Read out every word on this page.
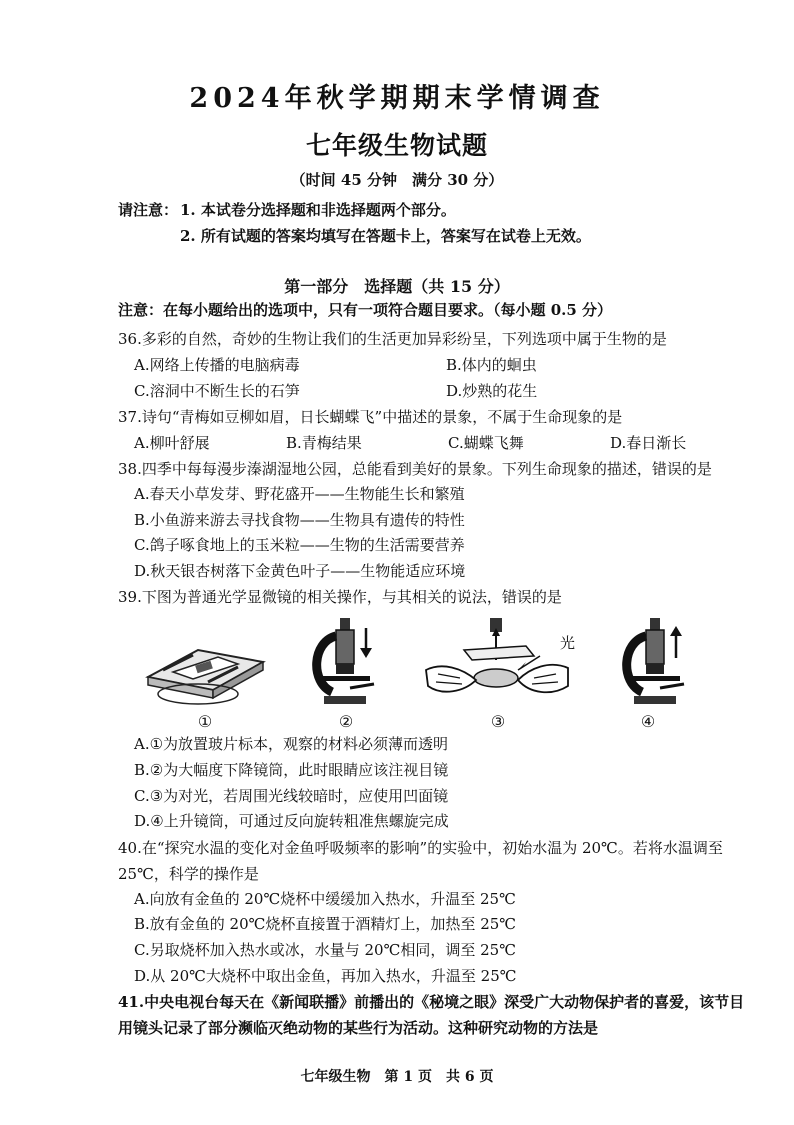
2024年秋学期期末学情调查
七年级生物试题
（时间 45 分钟　满分 30 分）
请注意： 1. 本试卷分选择题和非选择题两个部分。
2. 所有试题的答案均填写在答题卡上，答案写在试卷上无效。
第一部分　选择题（共 15 分）
注意：在每小题给出的选项中，只有一项符合题目要求。（每小题 0.5 分）
36.多彩的自然，奇妙的生物让我们的生活更加异彩纷呈，下列选项中属于生物的是
A.网络上传播的电脑病毒	B.体内的蛔虫
C.溶洞中不断生长的石笋	D.炒熟的花生
37.诗句“青梅如豆柳如眉，日长蝴蝶飞”中描述的景象，不属于生命现象的是
A.柳叶舒展	B.青梅结果	C.蝴蝶飞舞	D.春日渐长
38.四季中每每漫步溱湖湿地公园，总能看到美好的景象。下列生命现象的描述，错误的是
A.春天小草发芽、野花盛开——生物能生长和繁殖
B.小鱼游来游去寻找食物——生物具有遗传的特性
C.鸽子啄食地上的玉米粒——生物的生活需要营养
D.秋天银杏树落下金黄色叶子——生物能适应环境
39.下图为普通光学显微镜的相关操作，与其相关的说法，错误的是
光
①	②	③	④
A.①为放置玻片标本，观察的材料必须薄而透明
B.②为大幅度下降镜筒，此时眼睛应该注视目镜
C.③为对光，若周围光线较暗时，应使用凹面镜
D.④上升镜筒，可通过反向旋转粗准焦螺旋完成
40.在“探究水温的变化对金鱼呼吸频率的影响”的实验中，初始水温为 20℃。若将水温调至 25℃，科学的操作是
A.向放有金鱼的 20℃烧杯中缓缓加入热水，升温至 25℃
B.放有金鱼的 20℃烧杯直接置于酒精灯上，加热至 25℃
C.另取烧杯加入热水或冰，水量与 20℃相同，调至 25℃
D.从 20℃大烧杯中取出金鱼，再加入热水，升温至 25℃
41.中央电视台每天在《新闻联播》前播出的《秘境之眼》深受广大动物保护者的喜爱，该节目用镜头记录了部分濒临灭绝动物的某些行为活动。这种研究动物的方法是
七年级生物　第 1 页　共 6 页
